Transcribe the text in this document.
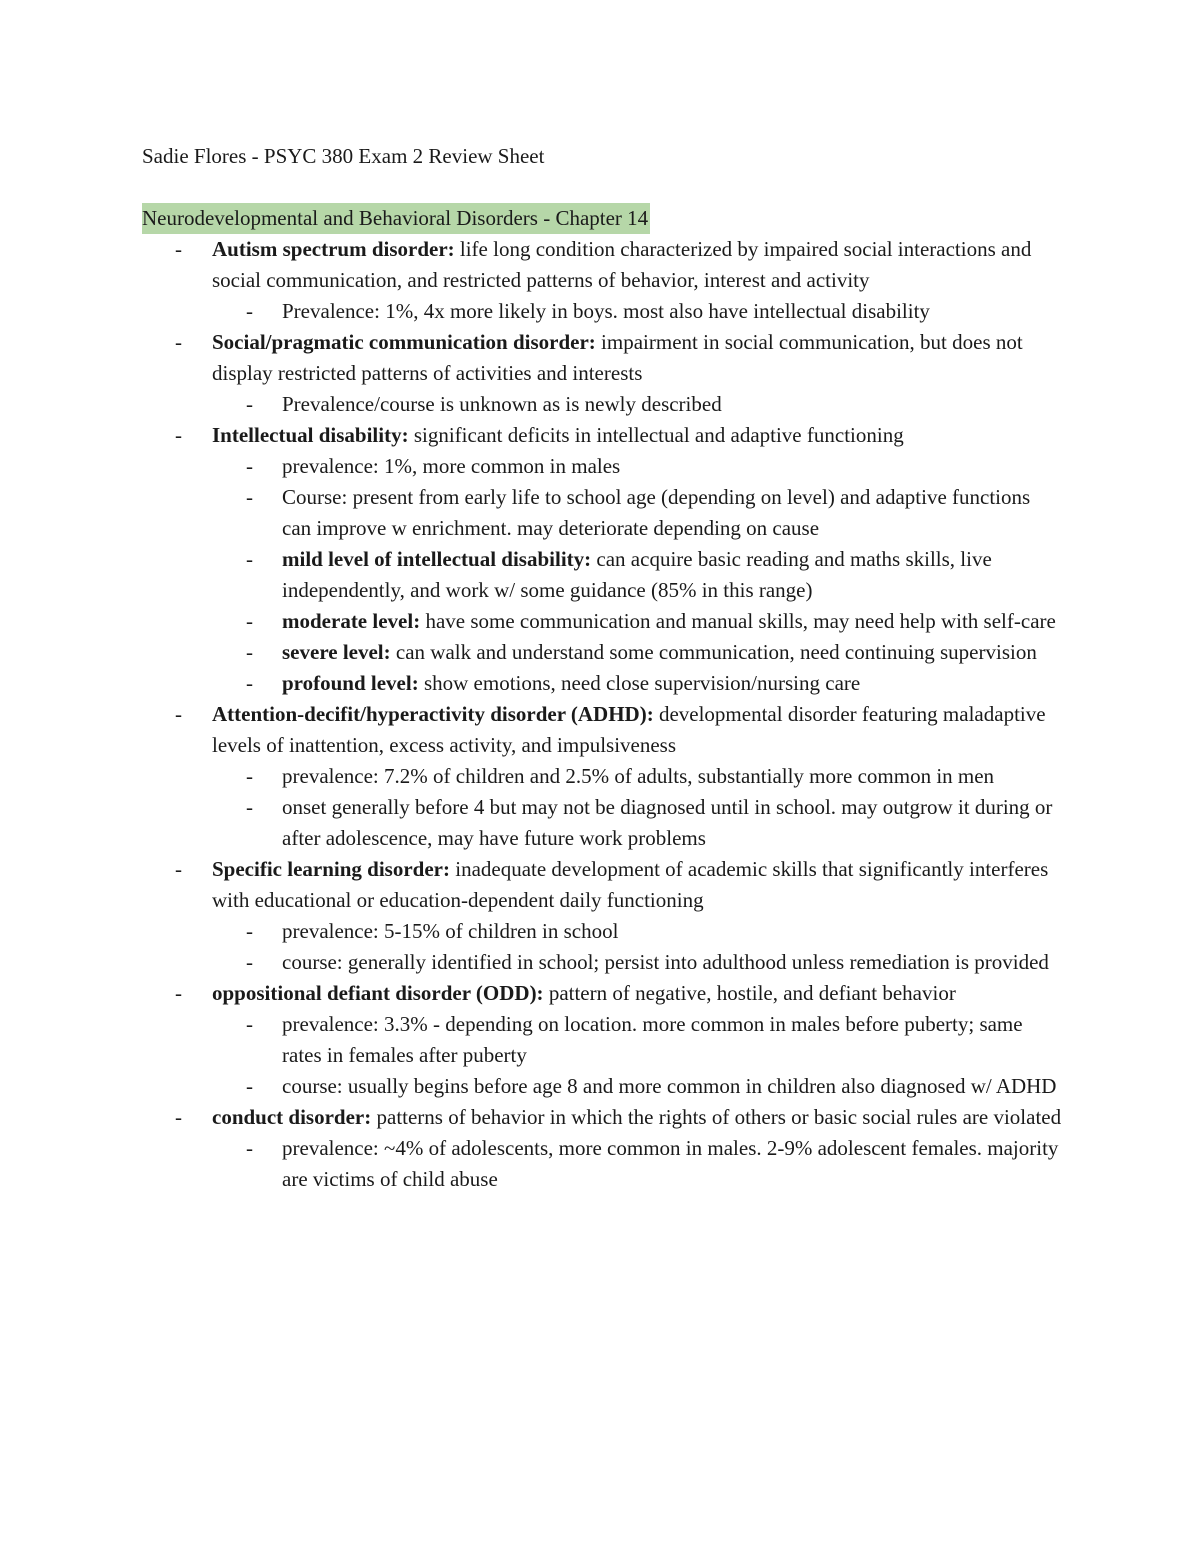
Sadie Flores - PSYC 380 Exam 2 Review Sheet

Neurodevelopmental and Behavioral Disorders - Chapter 14
-	Autism spectrum disorder: life long condition characterized by impaired social interactions and social communication, and restricted patterns of behavior, interest and activity
-	Prevalence: 1%, 4x more likely in boys. most also have intellectual disability
-	Social/pragmatic communication disorder: impairment in social communication, but does not display restricted patterns of activities and interests
-	Prevalence/course is unknown as is newly described
-	Intellectual disability: significant deficits in intellectual and adaptive functioning
-	prevalence: 1%, more common in males
-	Course: present from early life to school age (depending on level) and adaptive functions can improve w enrichment. may deteriorate depending on cause
-	mild level of intellectual disability: can acquire basic reading and maths skills, live independently, and work w/ some guidance (85% in this range)
-	moderate level: have some communication and manual skills, may need help with self-care
-	severe level: can walk and understand some communication, need continuing supervision
-	profound level: show emotions, need close supervision/nursing care
-	Attention-decifit/hyperactivity disorder (ADHD): developmental disorder featuring maladaptive levels of inattention, excess activity, and impulsiveness
-	prevalence: 7.2% of children and 2.5% of adults, substantially more common in men
-	onset generally before 4 but may not be diagnosed until in school. may outgrow it during or after adolescence, may have future work problems
-	Specific learning disorder: inadequate development of academic skills that significantly interferes with educational or education-dependent daily functioning
-	prevalence: 5-15% of children in school
-	course: generally identified in school; persist into adulthood unless remediation is provided
-	oppositional defiant disorder (ODD): pattern of negative, hostile, and defiant behavior
-	prevalence: 3.3% - depending on location. more common in males before puberty; same rates in females after puberty
-	course: usually begins before age 8 and more common in children also diagnosed w/ ADHD
-	conduct disorder: patterns of behavior in which the rights of others or basic social rules are violated
-	prevalence: ~4% of adolescents, more common in males. 2-9% adolescent females. majority are victims of child abuse
